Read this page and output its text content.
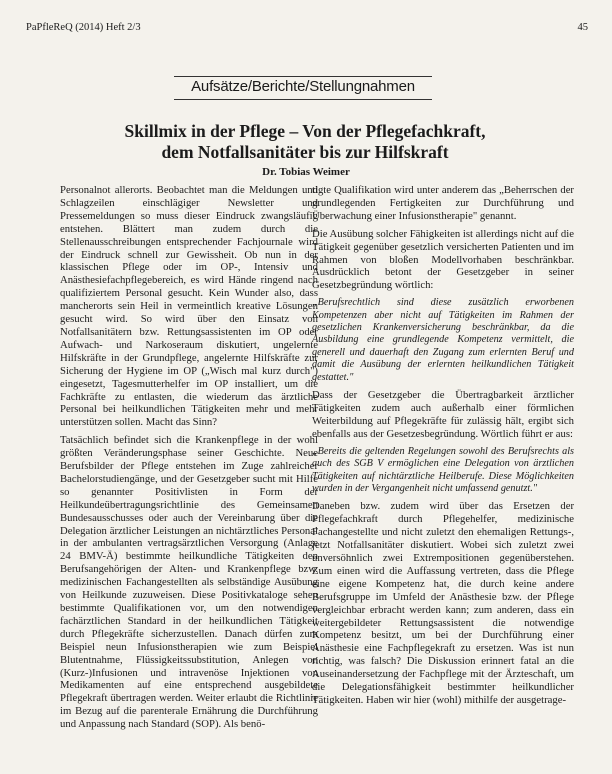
PaPfleReQ (2014) Heft 2/3	45
Aufsätze/Berichte/Stellungnahmen
Skillmix in der Pflege – Von der Pflegefachkraft,
dem Notfallsanitäter bis zur Hilfskraft
Dr. Tobias Weimer

Personalnot allerorts. Beobachtet man die Meldungen und Schlagzeilen einschlägiger Newsletter und Pressemeldungen so muss dieser Eindruck zwangsläufig entstehen. Blättert man zudem durch die Stellenausschreibungen entsprechender Fachjournale wird der Eindruck schnell zur Gewissheit. Ob nun in der klassischen Pflege oder im OP-, Intensiv und Anästhesiefachpflegebereich, es wird Hände ringend nach qualifiziertem Personal gesucht. Kein Wunder also, dass mancherorts sein Heil in vermeintlich kreative Lösungen gesucht wird. So wird über den Einsatz von Notfallsanitätern bzw. Rettungsassistenten im OP oder Aufwach- und Narkoseraum diskutiert, ungelernte Hilfskräfte in der Grundpflege, angelernte Hilfskräfte zur Sicherung der Hygiene im OP („Wisch mal kurz durch") eingesetzt, Tagesmutterhelfer im OP installiert, um die Fachkräfte zu entlasten, die wiederum das ärztliche Personal bei heilkundlichen Tätigkeiten mehr und mehr unterstützen sollen. Macht das Sinn?

Tatsächlich befindet sich die Krankenpflege in der wohl größten Veränderungsphase seiner Geschichte. Neue Berufsbilder der Pflege entstehen im Zuge zahlreicher Bachelorstudiengänge, und der Gesetzgeber sucht mit Hilfe so genannter Positivlisten in Form der Heilkundeübertragungsrichtlinie des Gemeinsamen Bundesausschusses oder auch der Vereinbarung über die Delegation ärztlicher Leistungen an nichtärztliches Personal in der ambulanten vertragsärztlichen Versorgung (Anlage 24 BMV-Ä) bestimmte heilkundliche Tätigkeiten den Berufsangehörigen der Alten- und Krankenpflege bzw. medizinischen Fachangestellten als selbständige Ausübung von Heilkunde zuzuweisen. Diese Positivkataloge sehen bestimmte Qualifikationen vor, um den notwendigen fachärztlichen Standard in der heilkundlichen Tätigkeit durch Pflegekräfte sicherzustellen. Danach dürfen zum Beispiel neun Infusionstherapien wie zum Beispiel Blutentnahme, Flüssigkeitssubstitution, Anlegen von (Kurz-)Infusionen und intravenöse Injektionen von Medikamenten auf eine entsprechend ausgebildete Pflegekraft übertragen werden. Weiter erlaubt die Richtlinie im Bezug auf die parenterale Ernährung die Durchführung und Anpassung nach Standard (SOP). Als benö-

tigte Qualifikation wird unter anderem das „Beherrschen der grundlegenden Fertigkeiten zur Durchführung und Überwachung einer Infusionstherapie" genannt.

Die Ausübung solcher Fähigkeiten ist allerdings nicht auf die Tätigkeit gegenüber gesetzlich versicherten Patienten und im Rahmen von bloßen Modellvorhaben beschränkbar. Ausdrücklich betont der Gesetzgeber in seiner Gesetzbegründung wörtlich:

„Berufsrechtlich sind diese zusätzlich erworbenen Kompetenzen aber nicht auf Tätigkeiten im Rahmen der gesetzlichen Krankenversicherung beschränkbar, da die Ausbildung eine grundlegende Kompetenz vermittelt, die generell und dauerhaft den Zugang zum erlernten Beruf und damit die Ausübung der erlernten heilkundlichen Tätigkeit gestattet."

Dass der Gesetzgeber die Übertragbarkeit ärztlicher Tätigkeiten zudem auch außerhalb einer förmlichen Weiterbildung auf Pflegekräfte für zulässig hält, ergibt sich ebenfalls aus der Gesetzesbegründung. Wörtlich führt er aus:

„Bereits die geltenden Regelungen sowohl des Berufsrechts als auch des SGB V ermöglichen eine Delegation von ärztlichen Tätigkeiten auf nichtärztliche Heilberufe. Diese Möglichkeiten wurden in der Vergangenheit nicht umfassend genutzt."

Daneben bzw. zudem wird über das Ersetzen der Pflegefachkraft durch Pflegehelfer, medizinische Fachangestellte und nicht zuletzt den ehemaligen Rettungs-, jetzt Notfallsanitäter diskutiert. Wobei sich zuletzt zwei unversöhnlich zwei Extrempositionen gegenüberstehen. Zum einen wird die Auffassung vertreten, dass die Pflege eine eigene Kompetenz hat, die durch keine andere Berufsgruppe im Umfeld der Anästhesie bzw. der Pflege vergleichbar erbracht werden kann; zum anderen, dass ein weitergebildeter Rettungsassistent die notwendige Kompetenz besitzt, um bei der Durchführung einer Anästhesie eine Fachpflegekraft zu ersetzen. Was ist nun richtig, was falsch? Die Diskussion erinnert fatal an die Auseinandersetzung der Fachpflege mit der Ärzteschaft, um die Delegationsfähigkeit bestimmter heilkundlicher Tätigkeiten. Haben wir hier (wohl) mithilfe der ausgetrage-
